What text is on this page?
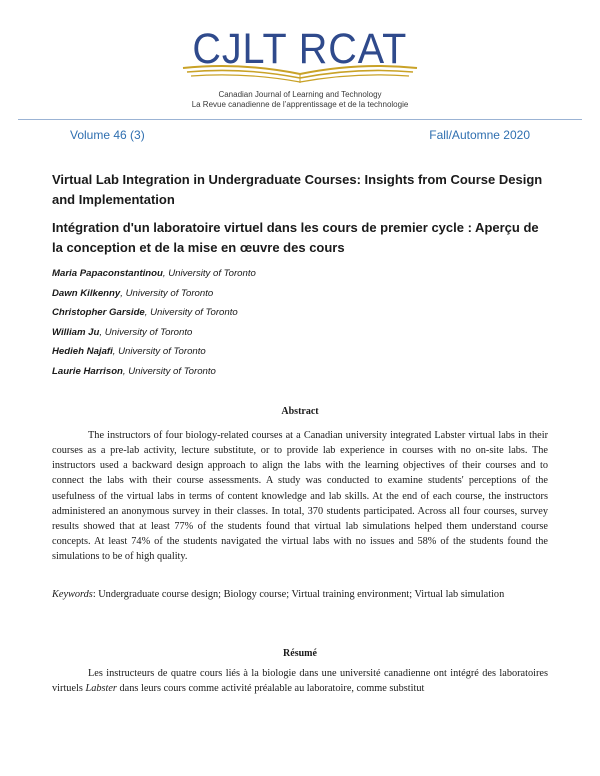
CJLT RCAT
Canadian Journal of Learning and Technology
La Revue canadienne de l’apprentissage et de la technologie
Volume 46 (3)	Fall/Automne 2020
Virtual Lab Integration in Undergraduate Courses: Insights from Course Design and Implementation
Intégration d'un laboratoire virtuel dans les cours de premier cycle : Aperçu de la conception et de la mise en œuvre des cours
Maria Papaconstantinou, University of Toronto
Dawn Kilkenny, University of Toronto
Christopher Garside, University of Toronto
William Ju, University of Toronto
Hedieh Najafi, University of Toronto
Laurie Harrison, University of Toronto
Abstract
The instructors of four biology-related courses at a Canadian university integrated Labster virtual labs in their courses as a pre-lab activity, lecture substitute, or to provide lab experience in courses with no on-site labs. The instructors used a backward design approach to align the labs with the learning objectives of their courses and to connect the labs with their course assessments. A study was conducted to examine students' perceptions of the usefulness of the virtual labs in terms of content knowledge and lab skills. At the end of each course, the instructors administered an anonymous survey in their classes. In total, 370 students participated. Across all four courses, survey results showed that at least 77% of the students found that virtual lab simulations helped them understand course concepts. At least 74% of the students navigated the virtual labs with no issues and 58% of the students found the simulations to be of high quality.
Keywords: Undergraduate course design; Biology course; Virtual training environment; Virtual lab simulation
Résumé
Les instructeurs de quatre cours liés à la biologie dans une université canadienne ont intégré des laboratoires virtuels Labster dans leurs cours comme activité préalable au laboratoire, comme substitut
